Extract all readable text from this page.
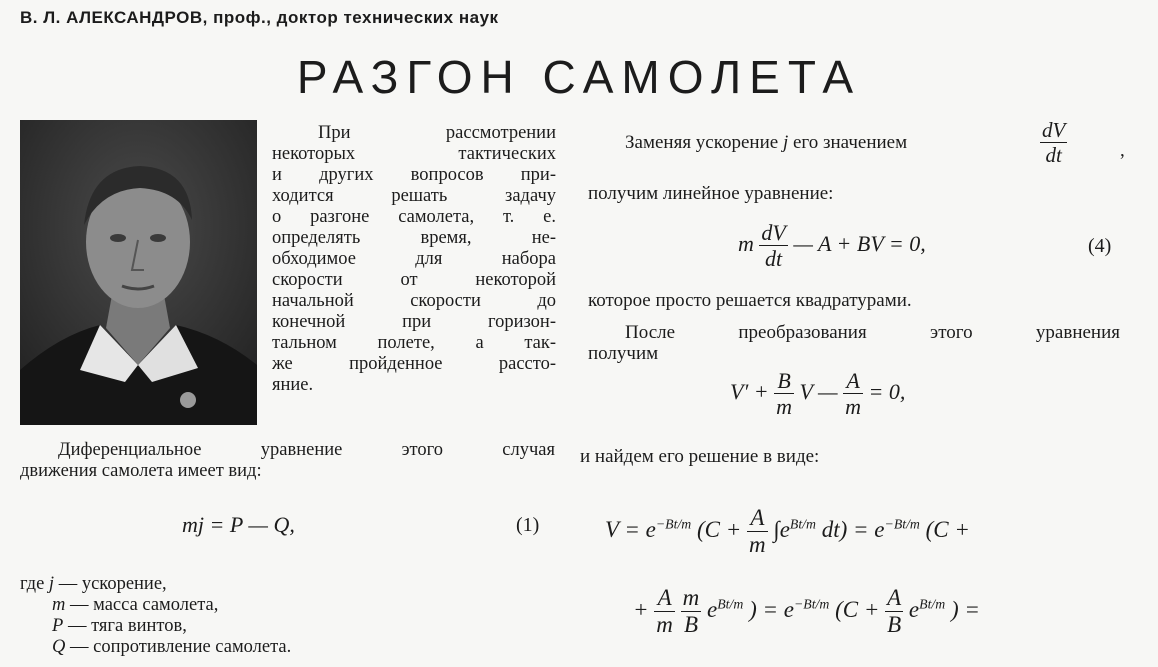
В. Л. АЛЕКСАНДРОВ, проф., доктор технических наук
РАЗГОН САМОЛЕТА
При рассмотрении
некоторых тактических
и других вопросов при-
ходится решать задачу
о разгоне самолета, т. е.
определять время, не-
обходимое для набора
скорости от некоторой
начальной скорости до
конечной при горизон-
тальном полете, а так-
же пройденное рассто-
яние.
Диференциальное уравнение этого случая
движения самолета имеет вид:
mj = P — Q,	(1)
где j — ускорение,
m — масса самолета,
P — тяга винтов,
Q — сопротивление самолета.
Заменяя ускорение j его значением	$\frac{dV}{dt}$	,
получим линейное уравнение:
m $\frac{dV}{dt}$ — A + BV = 0,	(4)
которое просто решается квадратурами.
После преобразования этого уравнения
получим
$V' + \frac{B}{m}$ V — $\frac{A}{m} = 0$,
и найдем его решение в виде:
$V = e^{-Bt/m}$ ($C + \frac{A}{m} \int e^{Bt/m}$ $dt) = e^{-Bt/m}$ (C +
+ $\frac{A}{m}$
$\frac{m}{B} e^{Bt/m}$ ) = $e^{-Bt/m}$ ($C + \frac{A}{B} e^{Bt/m}$ ) =
